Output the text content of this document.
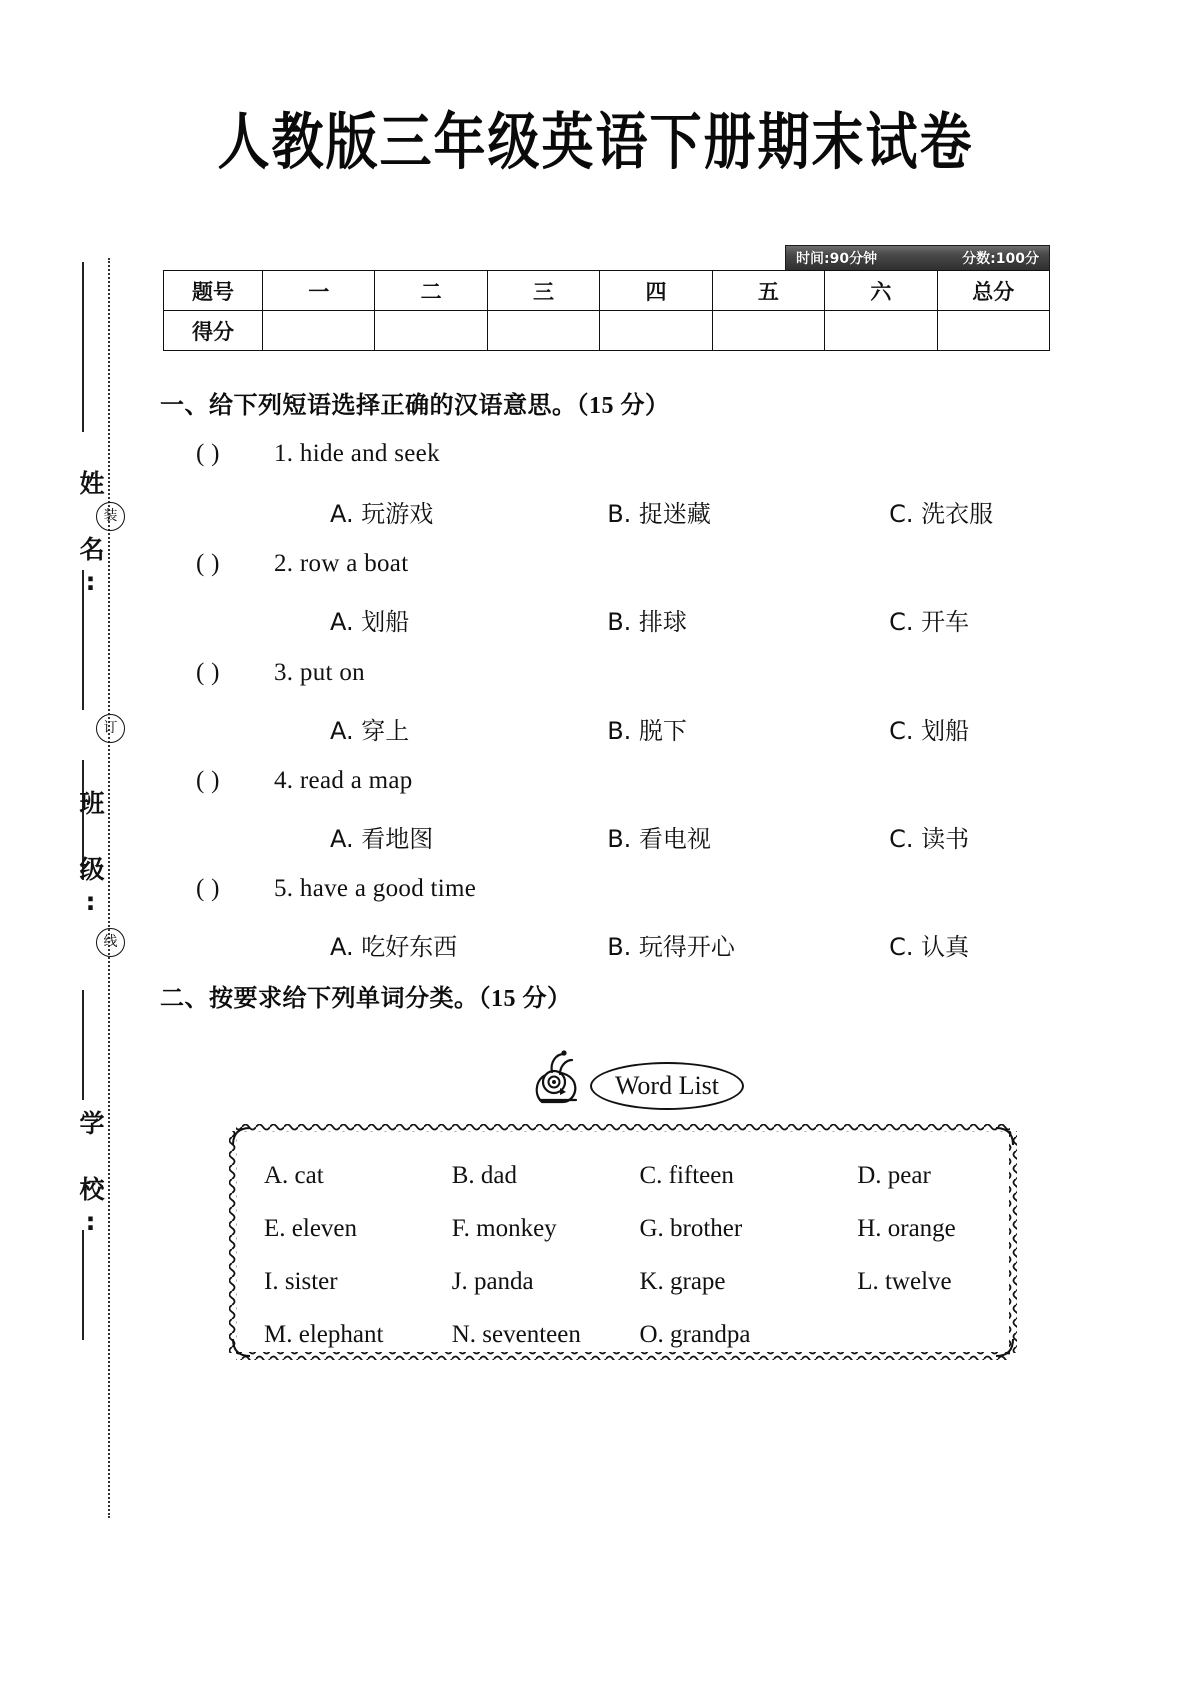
人教版三年级英语下册期末试卷
姓 名:
班 级:
学 校:
装
订
线
时间:90分钟	分数:100分
题号	一	二	三	四	五	六	总分
得分							
一、给下列短语选择正确的汉语意思。（15 分）
( ) 1. hide and seek
A. 玩游戏	B. 捉迷藏	C. 洗衣服
( ) 2. row a boat
A. 划船	B. 排球	C. 开车
( ) 3. put on
A. 穿上	B. 脱下	C. 划船
( ) 4. read a map
A. 看地图	B. 看电视	C. 读书
( ) 5. have a good time
A. 吃好东西	B. 玩得开心	C. 认真
二、按要求给下列单词分类。（15 分）
Word List
A. cat	B. dad	C. fifteen	D. pear
E. eleven	F. monkey	G. brother	H. orange
I. sister	J. panda	K. grape	L. twelve
M. elephant	N. seventeen	O. grandpa
